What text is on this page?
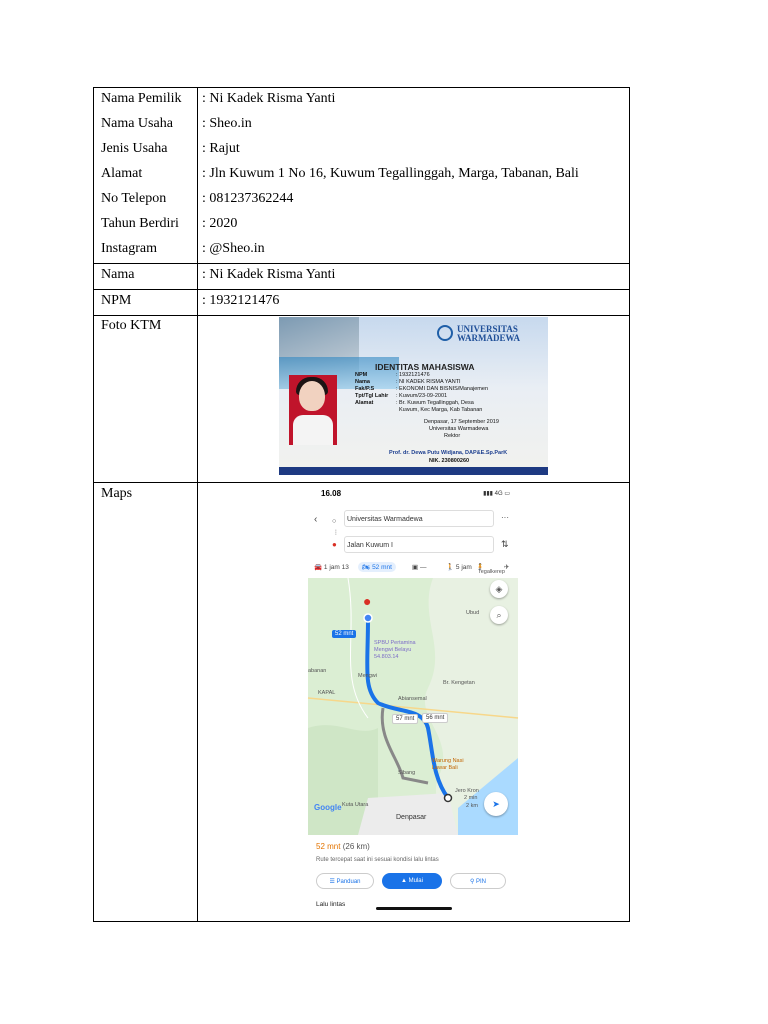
Nama Pemilik : Ni Kadek Risma Yanti
Nama Usaha : Sheo.in
Jenis Usaha : Rajut
Alamat	: Jln Kuwum 1 No 16, Kuwum Tegallinggah, Marga, Tabanan, Bali
No Telepon	: 081237362244
Tahun Berdiri : 2020
Instagram	: @Sheo.in
Nama	: Ni Kadek Risma Yanti
NPM	: 1932121476
Foto KTM
Maps
UNIVERSITAS
WARMADEWA
IDENTITAS MAHASISWA
NPM	: 1932121476
Nama	: NI KADEK RISMA YANTI
Fak/P.S	: EKONOMI DAN BISNIS/Manajemen
Tpt/Tgl Lahir : Kuwum/23-09-2001
Alamat	: Br. Kuwum Tegallinggah, Desa
Kuwum, Kec Marga, Kab Tabanan
Denpasar, 17 September 2019
Universitas Warmadewa
Rektor
Prof. dr. Dewa Putu Widjana, DAP&E.Sp.ParK
NIK. 230800260
16.08	▮▮▮ 4G ▭
‹ ○	Universitas Warmadewa	···
⋮
●	Jalan Kuwum I	⇅
🚘 1 jam 13	🏍 52 mnt	▣ —	🚶 5 jam 🧍	✈
●
◈
⌕
➤
Tegalkerep
Ubud
SPBU Pertamina
Mengwi Belayu
54.803.14
abanan
Mengwi
KAPAL
Br. Kengetan
Abiansemal
Warung Nasi
Lawar Bali
Jero Kron
2 min
2 km
Sibang
Kuta Utara
Denpasar
Google
52 mnt
57 mnt	56 mnt
52 mnt (26 km)
Rute tercepat saat ini sesuai kondisi lalu lintas
☰ Panduan	▲ Mulai	⚲ PIN
Lalu lintas
